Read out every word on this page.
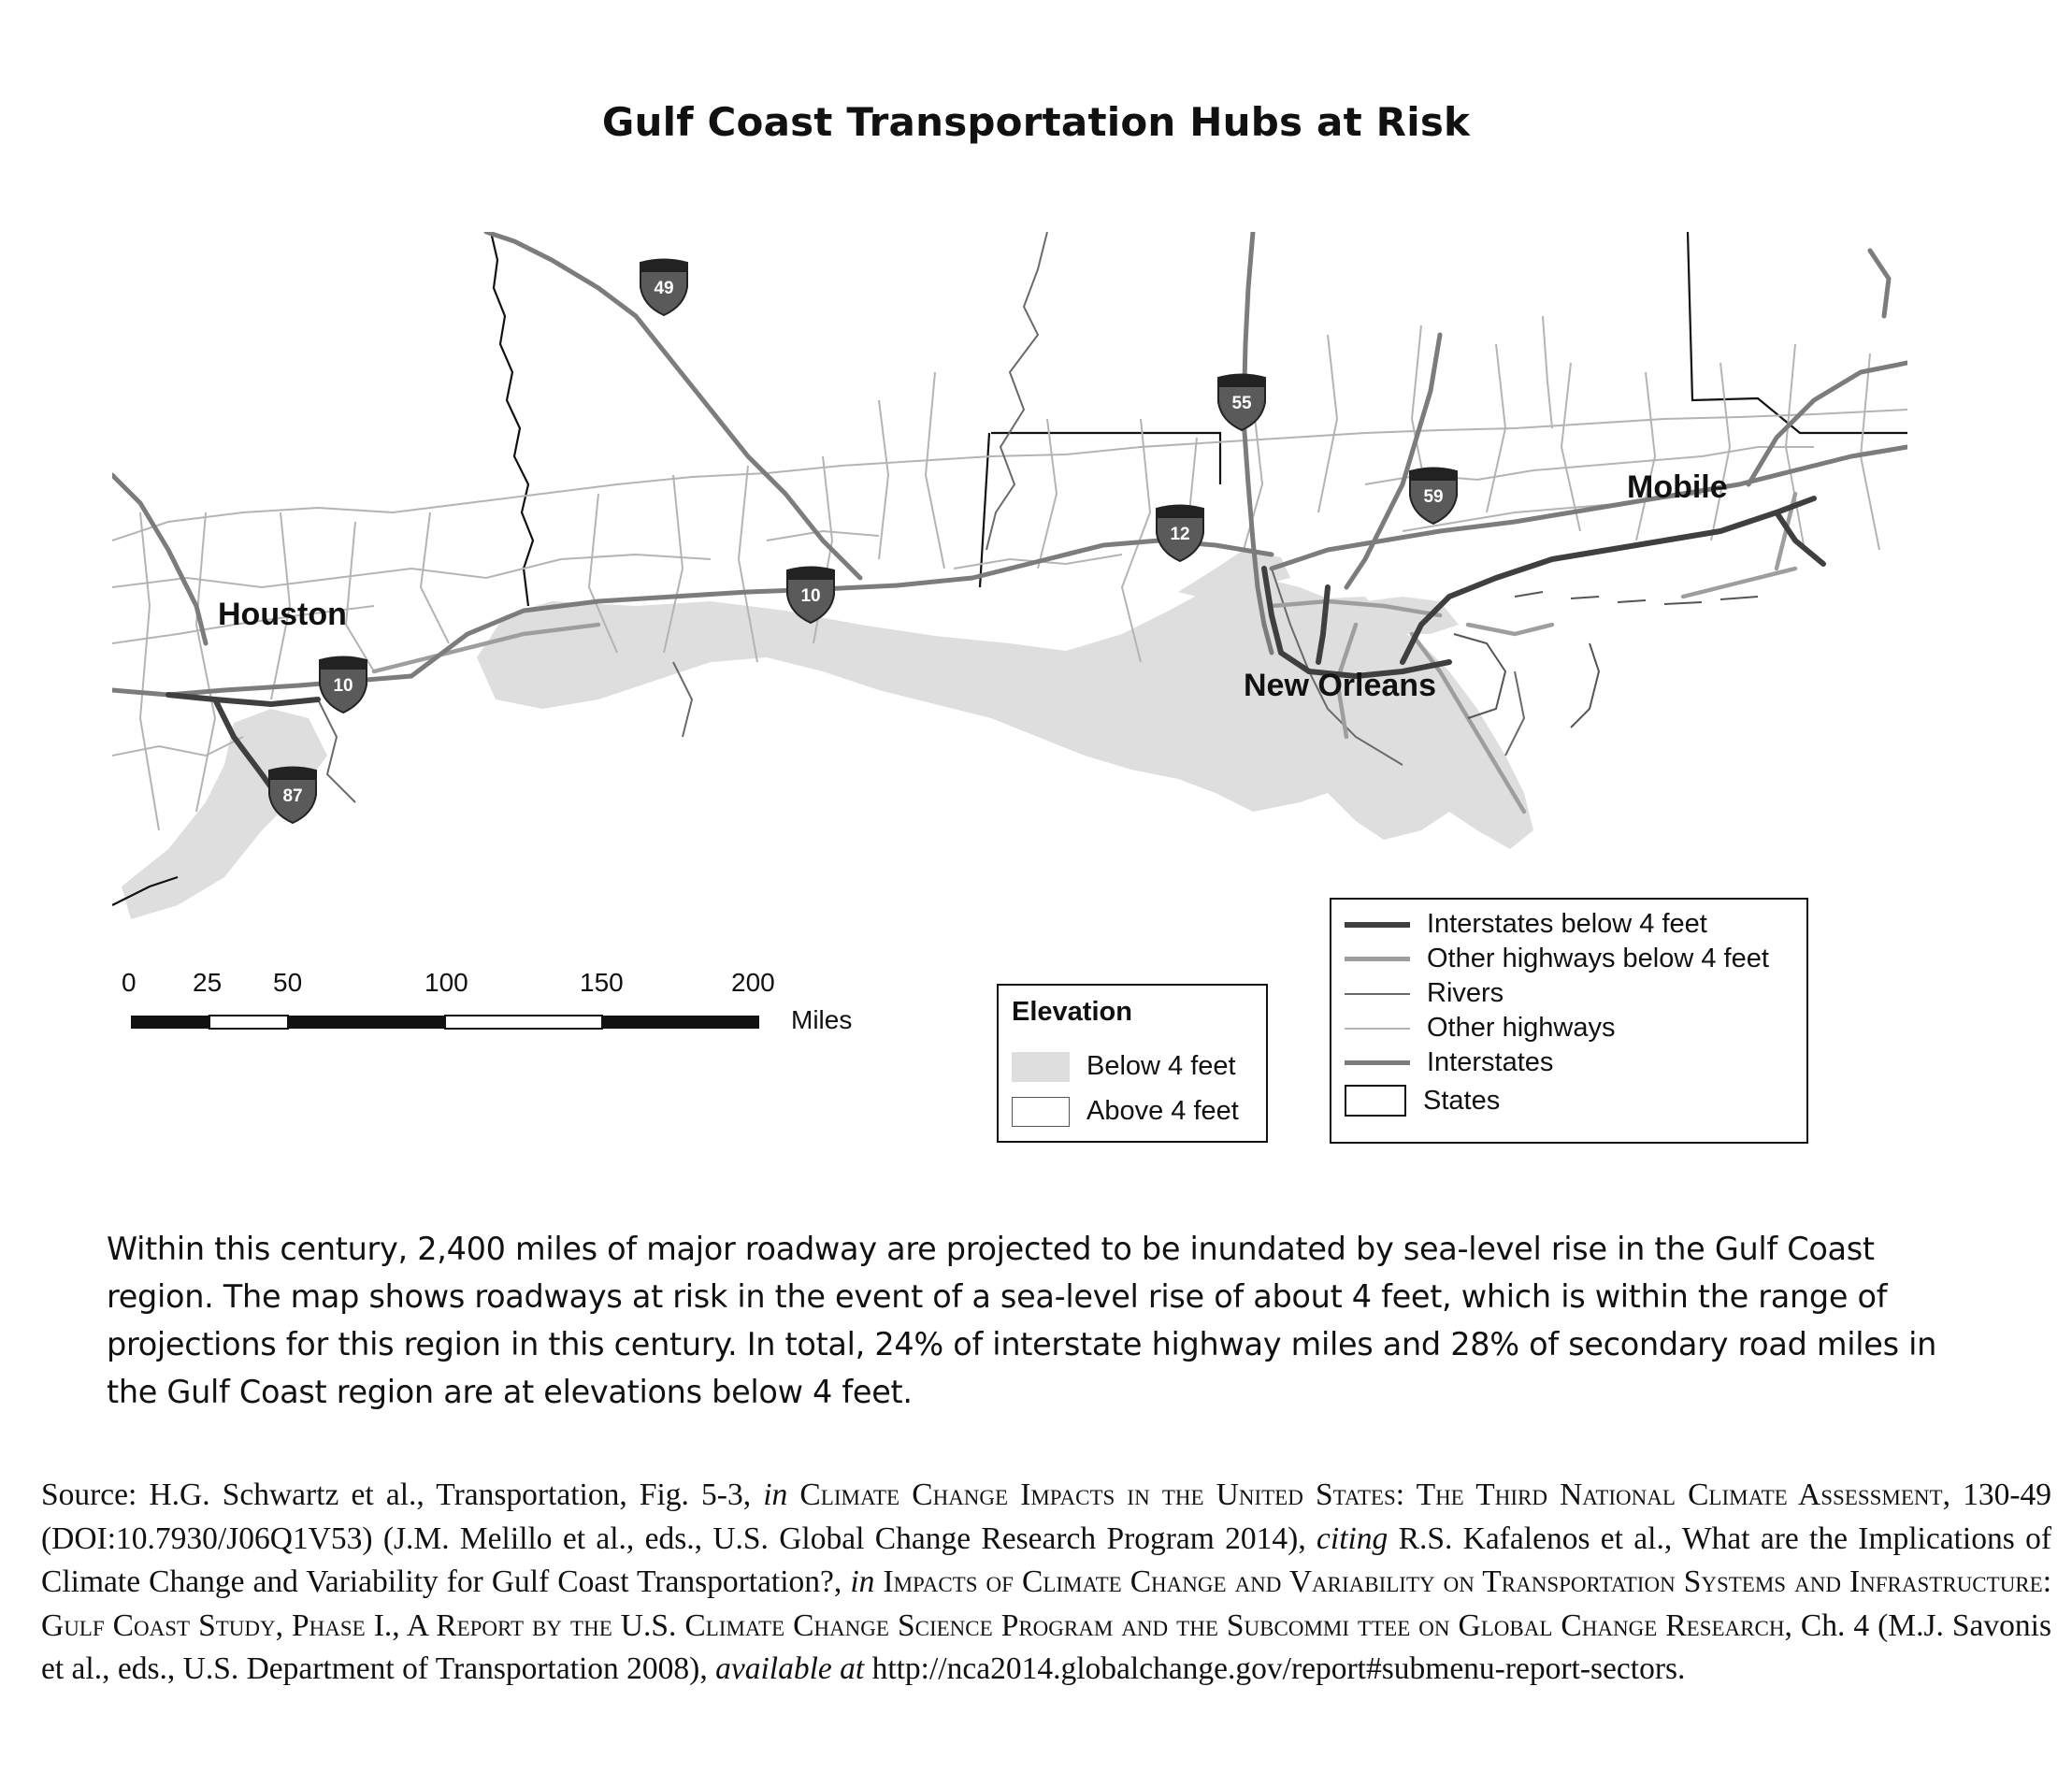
Gulf Coast Transportation Hubs at Risk
49
55
59
12
10
10
87
Houston
New Orleans
Mobile
0 25 50	100	150	200
Miles	Elevation
Below 4 feet
Above 4 feet
Interstates below 4 feet
Other highways below 4 feet
Rivers
Other highways
Interstates
States
Within this century, 2,400 miles of major roadway are projected to be inundated by sea-level rise in the Gulf Coast region. The map shows roadways at risk in the event of a sea-level rise of about 4 feet, which is within the range of projections for this region in this century. In total, 24% of interstate highway miles and 28% of secondary road miles in the Gulf Coast region are at elevations below 4 feet.
Source: H.G. Schwartz et al., Transportation, Fig. 5-3, in Climate Change Impacts in the United States: The Third National Climate Assessment, 130-49 (DOI:10.7930/J06Q1V53) (J.M. Melillo et al., eds., U.S. Global Change Research Program 2014), citing R.S. Kafalenos et al., What are the Implications of Climate Change and Variability for Gulf Coast Transportation?, in Impacts of Climate Change and Variability on Transportation Systems and Infrastructure: Gulf Coast Study, Phase I., A Report by the U.S. Climate Change Science Program and the Subcommi ttee on Global Change Research, Ch. 4 (M.J. Savonis et al., eds., U.S. Department of Transportation 2008), available at http://nca2014.globalchange.gov/report#submenu-report-sectors.
